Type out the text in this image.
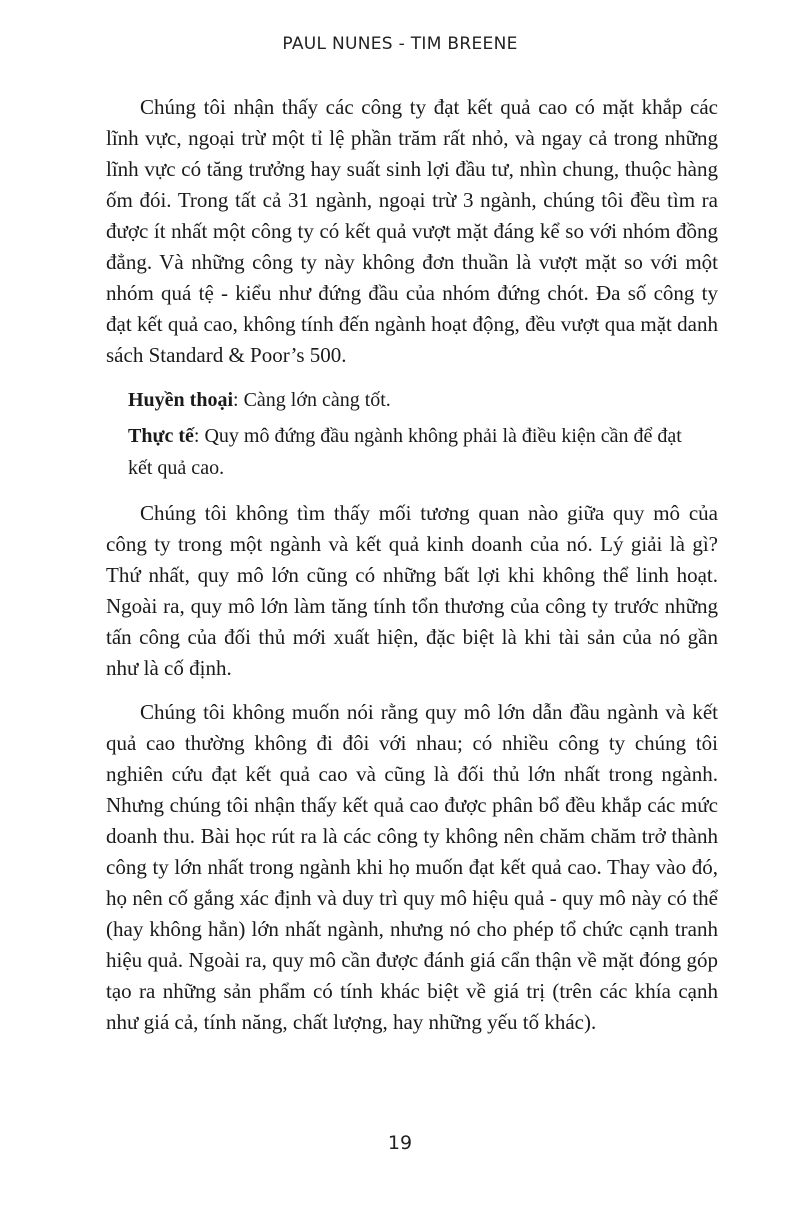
PAUL NUNES - TIM BREENE

Chúng tôi nhận thấy các công ty đạt kết quả cao có mặt khắp các lĩnh vực, ngoại trừ một tỉ lệ phần trăm rất nhỏ, và ngay cả trong những lĩnh vực có tăng trưởng hay suất sinh lợi đầu tư, nhìn chung, thuộc hàng ốm đói. Trong tất cả 31 ngành, ngoại trừ 3 ngành, chúng tôi đều tìm ra được ít nhất một công ty có kết quả vượt mặt đáng kể so với nhóm đồng đẳng. Và những công ty này không đơn thuần là vượt mặt so với một nhóm quá tệ - kiểu như đứng đầu của nhóm đứng chót. Đa số công ty đạt kết quả cao, không tính đến ngành hoạt động, đều vượt qua mặt danh sách Standard & Poor’s 500.

Huyền thoại: Càng lớn càng tốt.

Thực tế: Quy mô đứng đầu ngành không phải là điều kiện cần để đạt kết quả cao.

Chúng tôi không tìm thấy mối tương quan nào giữa quy mô của công ty trong một ngành và kết quả kinh doanh của nó. Lý giải là gì? Thứ nhất, quy mô lớn cũng có những bất lợi khi không thể linh hoạt. Ngoài ra, quy mô lớn làm tăng tính tổn thương của công ty trước những tấn công của đối thủ mới xuất hiện, đặc biệt là khi tài sản của nó gần như là cố định.

Chúng tôi không muốn nói rằng quy mô lớn dẫn đầu ngành và kết quả cao thường không đi đôi với nhau; có nhiều công ty chúng tôi nghiên cứu đạt kết quả cao và cũng là đối thủ lớn nhất trong ngành. Nhưng chúng tôi nhận thấy kết quả cao được phân bổ đều khắp các mức doanh thu. Bài học rút ra là các công ty không nên chăm chăm trở thành công ty lớn nhất trong ngành khi họ muốn đạt kết quả cao. Thay vào đó, họ nên cố gắng xác định và duy trì quy mô hiệu quả - quy mô này có thể (hay không hẳn) lớn nhất ngành, nhưng nó cho phép tổ chức cạnh tranh hiệu quả. Ngoài ra, quy mô cần được đánh giá cẩn thận về mặt đóng góp tạo ra những sản phẩm có tính khác biệt về giá trị (trên các khía cạnh như giá cả, tính năng, chất lượng, hay những yếu tố khác).

19
